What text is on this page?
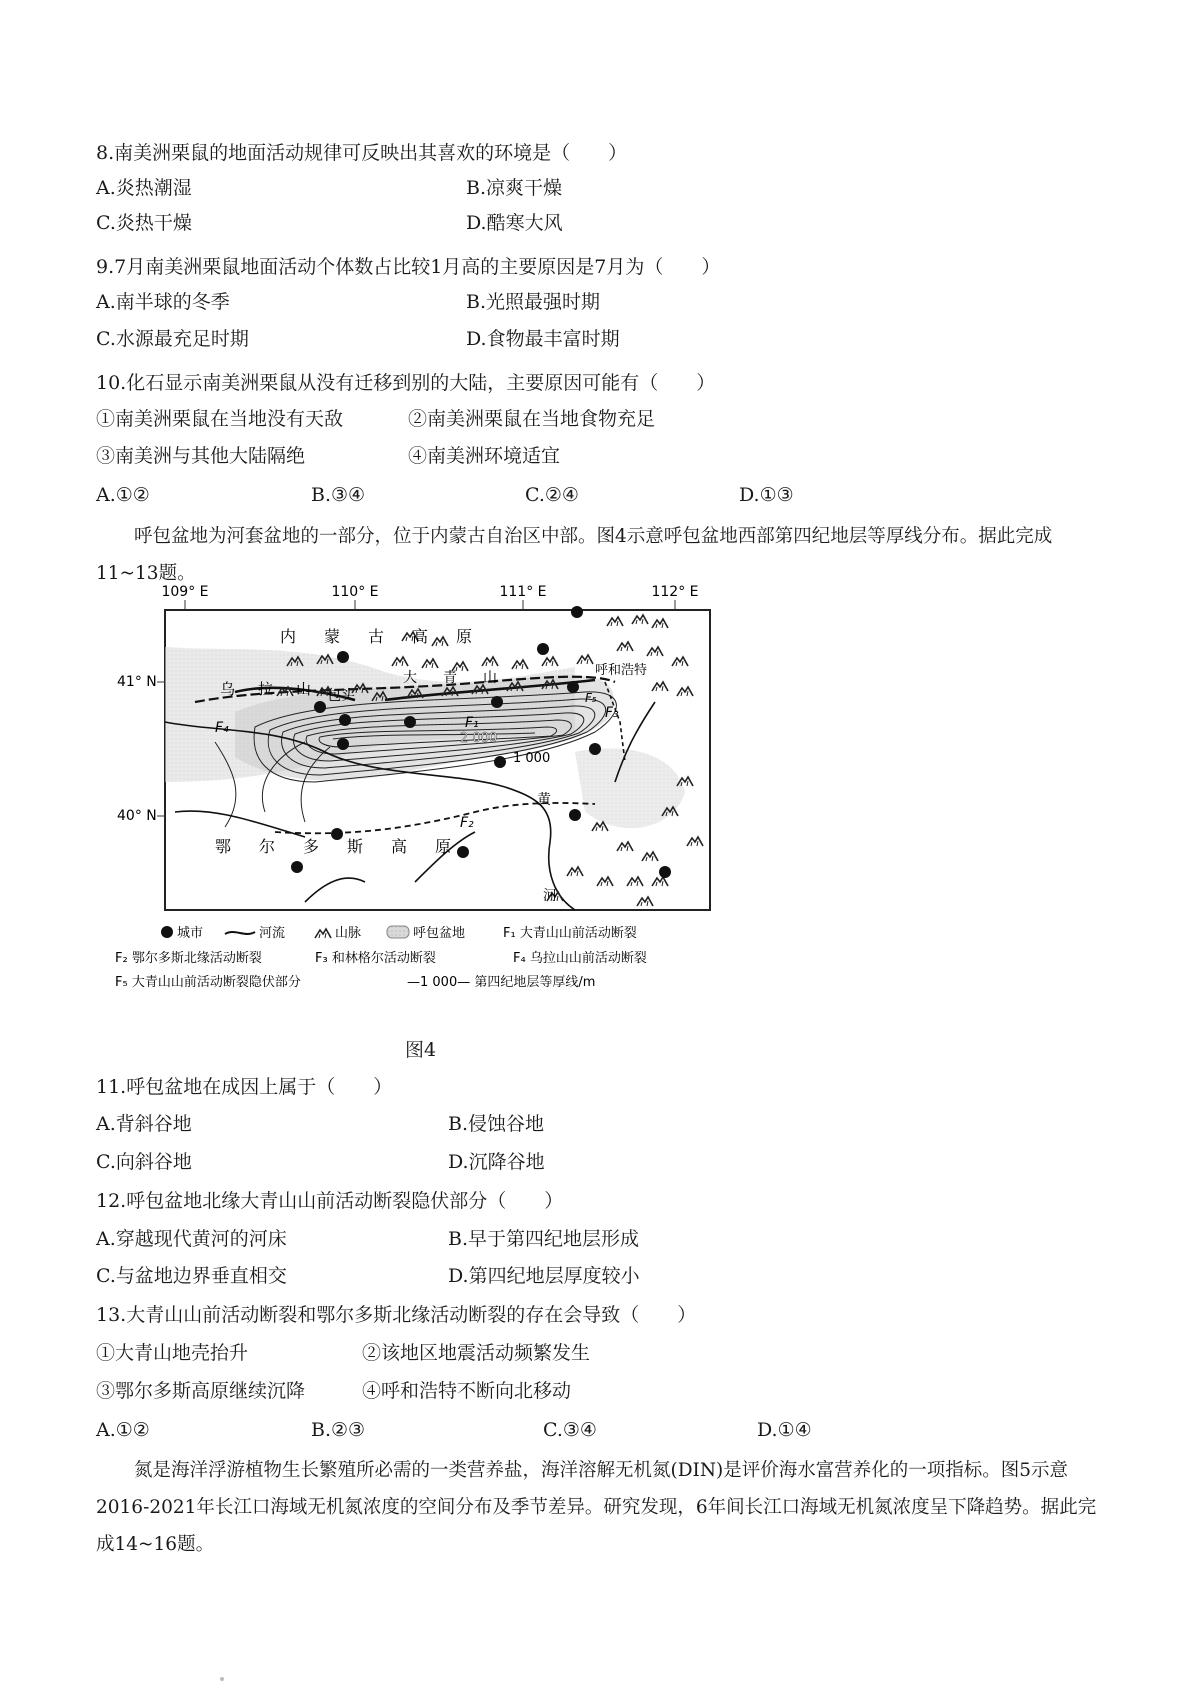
8.南美洲栗鼠的地面活动规律可反映出其喜欢的环境是（　　）
A.炎热潮湿	B.凉爽干燥
C.炎热干燥	D.酷寒大风
9.7月南美洲栗鼠地面活动个体数占比较1月高的主要原因是7月为（　　）
A.南半球的冬季	B.光照最强时期
C.水源最充足时期	D.食物最丰富时期
10.化石显示南美洲栗鼠从没有迁移到别的大陆，主要原因可能有（　　）
①南美洲栗鼠在当地没有天敌	②南美洲栗鼠在当地食物充足
③南美洲与其他大陆隔绝	④南美洲环境适宜
A.①②	B.③④	C.②④	D.①③
呼包盆地为河套盆地的一部分，位于内蒙古自治区中部。图4示意呼包盆地西部第四纪地层等厚线分布。据此完成11~13题。
109° E	110° E	111° E	112° E
41° N
40° N
内　蒙　古　高　原
鄂　尔　多　斯　高　原
乌　拉　山 包头
大　青　山	呼和浩特
黄
河
F₁
F₂
F₃
F₄
F₅
2 000
1 000
城市	河流	山脉	呼包盆地	F₁ 大青山山前活动断裂
F₂ 鄂尔多斯北缘活动断裂	F₃ 和林格尔活动断裂	F₄ 乌拉山山前活动断裂
F₅ 大青山山前活动断裂隐伏部分	—1 000— 第四纪地层等厚线/m
图4
11.呼包盆地在成因上属于（　　）
A.背斜谷地	B.侵蚀谷地
C.向斜谷地	D.沉降谷地
12.呼包盆地北缘大青山山前活动断裂隐伏部分（　　）
A.穿越现代黄河的河床	B.早于第四纪地层形成
C.与盆地边界垂直相交	D.第四纪地层厚度较小
13.大青山山前活动断裂和鄂尔多斯北缘活动断裂的存在会导致（　　）
①大青山地壳抬升	②该地区地震活动频繁发生
③鄂尔多斯高原继续沉降	④呼和浩特不断向北移动
A.①②	B.②③	C.③④	D.①④
氮是海洋浮游植物生长繁殖所必需的一类营养盐，海洋溶解无机氮(DIN)是评价海水富营养化的一项指标。图5示意2016-2021年长江口海域无机氮浓度的空间分布及季节差异。研究发现，6年间长江口海域无机氮浓度呈下降趋势。据此完成14~16题。
